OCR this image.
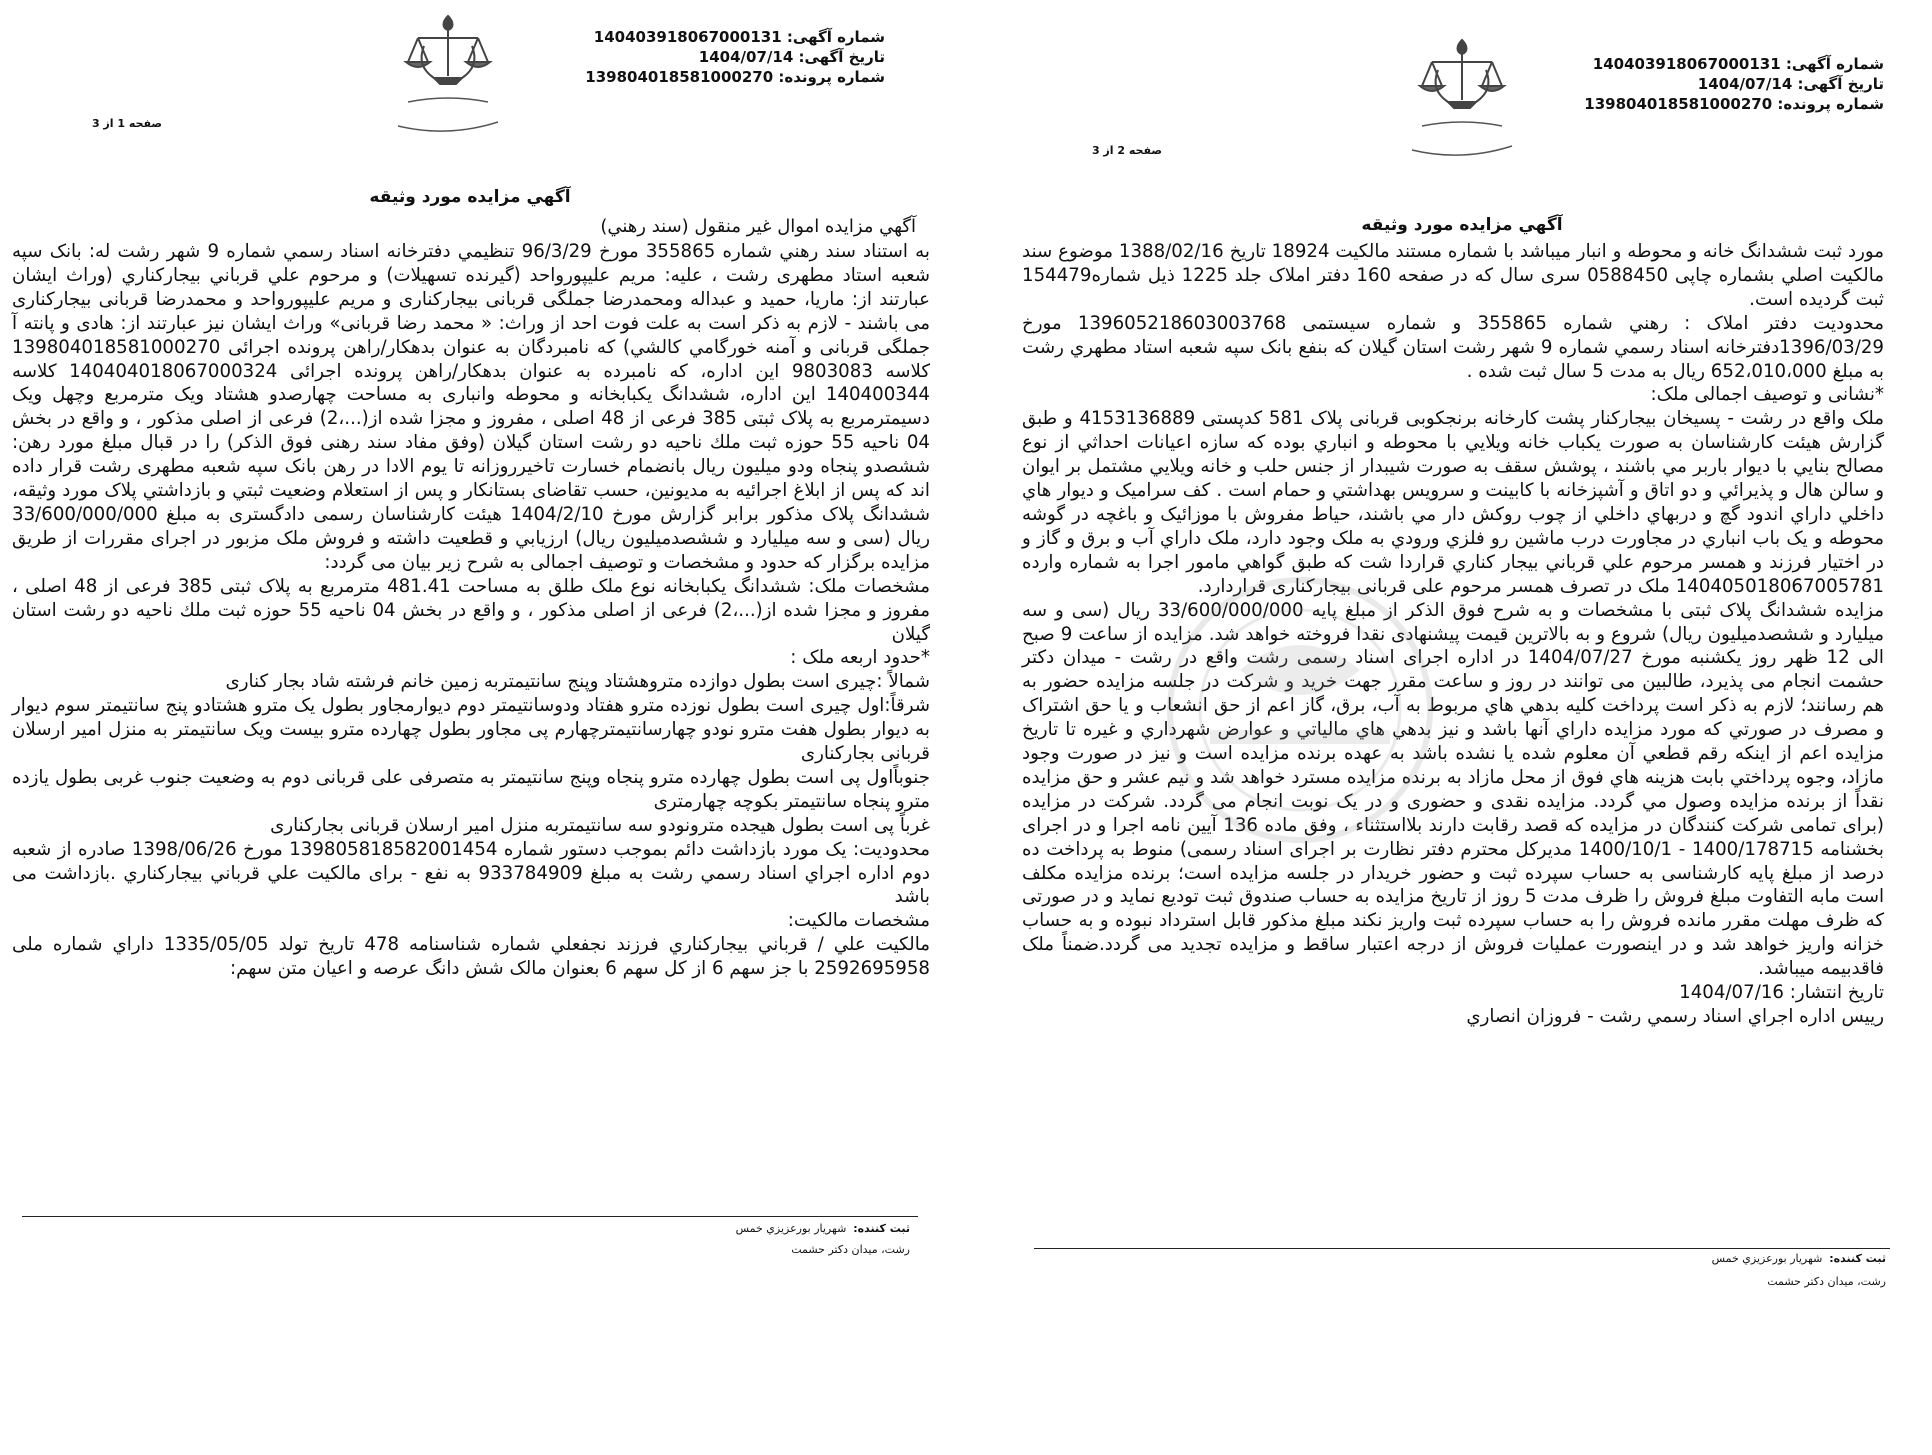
شماره آگهی: 140403918067000131
تاریخ آگهی: 1404/07/14
شماره پرونده: 139804018581000270
صفحه 1 از 3
آگهي مزايده مورد وثيقه
آگهي مزايده اموال غير منقول (سند رهني)

به استناد سند رهني شماره 355865 مورخ 96/3/29 تنظيمي دفترخانه اسناد رسمي شماره 9 شهر رشت له: بانک سپه شعبه استاد مطهری رشت ، علیه: مریم علیپورواحد (گیرنده تسهیلات) و مرحوم علي قرباني بيجارکناري (وراث ایشان عبارتند از: ماریا، حمید و عبداله ومحمدرضا جملگی قربانی بیجارکناری و مریم علیپورواحد و محمدرضا قربانی بیجارکناری می باشند - لازم به ذکر است به علت فوت احد از وراث: « محمد رضا قربانی» وراث ایشان نیز عبارتند از: هادی و پانته آ جملگی قربانی و آمنه خورگامي کالشي) که نامبردگان به عنوان بدهکار/راهن پرونده اجرائی 139804018581000270 کلاسه 9803083 این اداره، که نامبرده به عنوان بدهکار/راهن پرونده اجرائی 140404018067000324 کلاسه 140400344 این اداره، ششدانگ یکبابخانه و محوطه وانباری به مساحت چهارصدو هشتاد ویک مترمربع وچهل ویک دسیمترمربع به پلاک ثبتی 385 فرعی از 48 اصلی ، مفروز و مجزا شده از(...،2) فرعی از اصلی مذکور ، و واقع در بخش 04 ناحیه 55 حوزه ثبت ملك ناحيه دو رشت استان گيلان (وفق مفاد سند رهنی فوق الذكر) را در قبال مبلغ مورد رهن: ششصدو پنجاه ودو ميليون ريال بانضمام خسارت تاخیرروزانه تا یوم الادا در رهن بانک سپه شعبه مطهری رشت قرار داده اند که پس از ابلاغ اجرائیه به مديونين، حسب تقاضای بستانکار و پس از استعلام وضعیت ثبتي و بازداشتي پلاک مورد وثيقه، ششدانگ پلاک مذکور برابر گزارش مورخ 1404/2/10 هیئت کارشناسان رسمی دادگستری به مبلغ 33/600/000/000 ريال (سی و سه میلیارد و ششصدمیلیون ريال) ارزيابي و قطعیت داشته و فروش ملک مزبور در اجرای مقررات از طریق مزایده برگزار كه حدود و مشخصات و توصيف اجمالی به شرح زير بيان می گردد:

مشخصات ملک: ششدانگ یکبابخانه نوع ملک طلق به مساحت 481.41 مترمربع به پلاک ثبتی 385 فرعی از 48 اصلی ، مفروز و مجزا شده از(...،2) فرعی از اصلی مذکور ، و واقع در بخش 04 ناحیه 55 حوزه ثبت ملك ناحيه دو رشت استان گيلان

*حدود اربعه ملک :

شمالاً :چیری است بطول دوازده متروهشتاد وپنج سانتیمتربه زمین خانم فرشته شاد بجار کناری

شرقاً:اول چیری است بطول نوزده مترو هفتاد ودوسانتیمتر دوم دیوارمجاور بطول یک مترو هشتادو پنج سانتیمتر سوم دیوار به دیوار بطول هفت مترو نودو چهارسانتیمترچهارم پی مجاور بطول چهارده مترو بیست ویک سانتیمتر به منزل امیر ارسلان قربانی بجارکناری

جنوباًاول پی است بطول چهارده مترو پنجاه وپنج سانتیمتر به متصرفی علی قربانی دوم به وضعیت جنوب غربی بطول یازده مترو پنجاه سانتیمتر بکوچه چهارمتری

غرباً پی است بطول هیجده مترونودو سه سانتیمتربه منزل امیر ارسلان قربانی بجارکناری

محدودیت: یک مورد بازداشت دائم بموجب دستور شماره 139805818582001454 مورخ 1398/06/26 صادره از شعبه دوم اداره اجراي اسناد رسمي رشت به مبلغ 933784909 به نفع - برای مالکیت علي قرباني بيجارکناري .بازداشت می باشد

مشخصات مالکیت:

مالکيت علي / قرباني بيجارکناري فرزند نجفعلي شماره شناسنامه 478 تاريخ تولد 1335/05/05 داراي شماره ملی 2592695958 با جز سهم 6 از کل سهم 6 بعنوان مالک شش دانگ عرصه و اعيان متن سهم:

ثبت کننده:  شهريار بورعزيزي خمس
رشت، ميدان دکتر حشمت
شماره آگهی: 140403918067000131
تاریخ آگهی: 1404/07/14
شماره پرونده: 139804018581000270
صفحه 2 از 3
آگهي مزايده مورد وثيقه

مورد ثبت ششدانگ خانه و محوطه و انبار میباشد با شماره مستند مالکیت 18924 تاریخ 1388/02/16 موضوع سند مالکیت اصلي بشماره چاپی 0588450 سری سال که در صفحه 160 دفتر املاک جلد 1225 ذيل شماره154479 ثبت گرديده است.

محدوديت دفتر املاک : رهني شماره 355865 و شماره سیستمی 139605218603003768 مورخ 1396/03/29دفترخانه اسناد رسمي شماره 9 شهر رشت استان گيلان که بنفع بانک سپه شعبه استاد مطهري رشت به مبلغ 652،010،000 ريال به مدت 5 سال ثبت شده .

*نشانی و توصيف اجمالی ملک:

ملک واقع در رشت - پسیخان بیجارکنار پشت کارخانه برنجکوبی قربانی پلاک 581 کدپستی 4153136889 و طبق گزارش هیئت کارشناسان به صورت یکباب خانه ويلايي با محوطه و انباري بوده که سازه اعيانات احداثي از نوع مصالح بنايي با ديوار باربر مي باشند ، پوشش سقف به صورت شيبدار از جنس حلب و خانه ويلايي مشتمل بر ايوان و سالن هال و پذيرائي و دو اتاق و آشپزخانه با کابينت و سرويس بهداشتي و حمام است . کف سراميک و ديوار هاي داخلي داراي اندود گچ و دربهاي داخلي از چوب روکش دار مي باشند، حياط مفروش با موزائيک و باغچه در گوشه محوطه و يک باب انباري در مجاورت درب ماشين رو فلزي ورودي به ملک وجود دارد، ملک داراي آب و برق و گاز و در اختيار فرزند و همسر مرحوم علي قرباني بيجار کناري قراردا شت که طبق گواهي مامور اجرا به شماره وارده 140405018067005781 ملک در تصرف همسر مرحوم علی قربانی بیجارکناری قراردارد.

مزایده ششدانگ پلاک ثبتی با مشخصات و به شرح فوق الذکر از مبلغ پایه 33/600/000/000 ريال (سی و سه میلیارد و ششصدمیلیون ریال) شروع و به بالاترين قيمت پيشنهادی نقدا فروخته خواهد شد. مزايده از ساعت 9 صبح الی 12 ظهر روز یکشنبه مورخ 1404/07/27 در اداره اجرای اسناد رسمی رشت واقع در رشت - میدان دکتر حشمت انجام می پذیرد، طالبين مى توانند در روز و ساعت مقرر جهت خرید و شرکت در جلسه مزایده حضور به هم رسانند؛ لازم به ذکر است پرداخت کلیه بدهي هاي مربوط به آب، برق، گاز اعم از حق انشعاب و يا حق اشتراک و مصرف در صورتي که مورد مزايده داراي آنها باشد و نيز بدهي هاي مالياتي و عوارض شهرداري و غيره تا تاريخ مزايده اعم از اينکه رقم قطعي آن معلوم شده يا نشده باشد به عهده برنده مزايده است و نيز در صورت وجود مازاد، وجوه پرداختي بابت هزينه هاي فوق از محل مازاد به برنده مزايده مسترد خواهد شد و نيم عشر و حق مزايده نقداً از برنده مزايده وصول مي گردد. مزایده نقدی و حضوری و در یک نوبت انجام می گردد. شرکت در مزایده (برای تمامی شرکت کنندگان در مزایده که قصد رقابت دارند بلااستثناء ، وفق ماده 136 آیین نامه اجرا و در اجرای بخشنامه 1400/178715 - 1400/10/1 مدیرکل محترم دفتر نظارت بر اجرای اسناد رسمی) منوط به پرداخت ده درصد از مبلغ پایه کارشناسی به حساب سپرده ثبت و حضور خریدار در جلسه مزایده است؛ برنده مزايده مکلف است مابه التفاوت مبلغ فروش را ظرف مدت 5 روز از تاریخ مزایده به حساب صندوق ثبت توديع نمايد و در صورتی که ظرف مهلت مقرر مانده فروش را به حساب سپرده ثبت واريز نکند مبلغ مذکور قابل استرداد نبوده و به حساب خزانه واريز خواهد شد و در اينصورت عمليات فروش از درجه اعتبار ساقط و مزايده تجديد مى گردد.ضمناً ملک فاقدبیمه میباشد.

تاریخ انتشار: 1404/07/16

رییس اداره اجراي اسناد رسمي رشت - فروزان انصاري

ثبت کننده:  شهريار بورعزيزي خمس
رشت، ميدان دکتر حشمت
